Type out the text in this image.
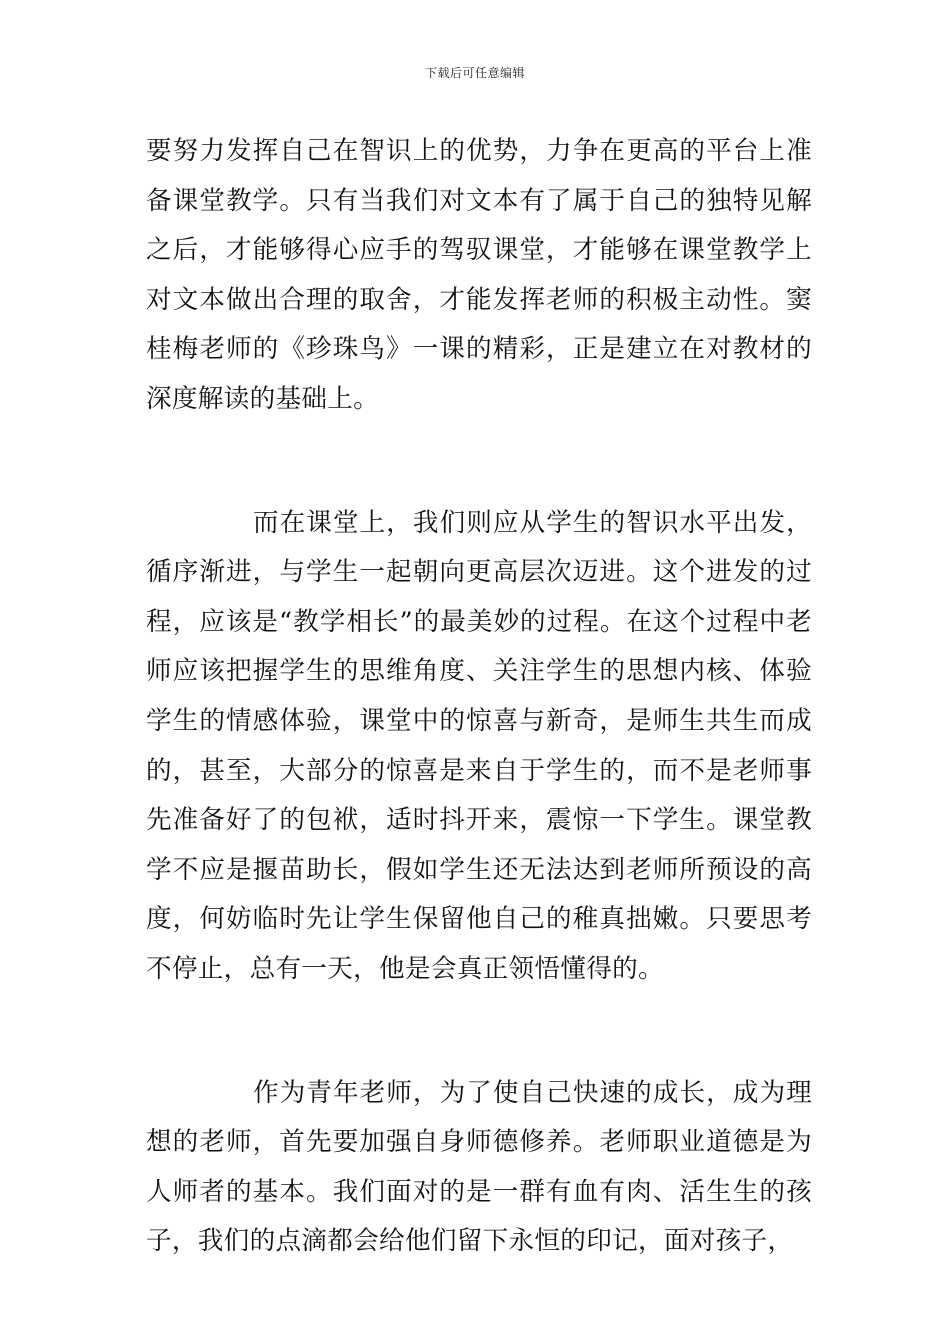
下载后可任意编辑

要努力发挥自己在智识上的优势，力争在更高的平台上准备课堂教学。只有当我们对文本有了属于自己的独特见解之后，才能够得心应手的驾驭课堂，才能够在课堂教学上对文本做出合理的取舍，才能发挥老师的积极主动性。窦桂梅老师的《珍珠鸟》一课的精彩，正是建立在对教材的深度解读的基础上。

而在课堂上，我们则应从学生的智识水平出发，循序渐进，与学生一起朝向更高层次迈进。这个进发的过程，应该是“教学相长”的最美妙的过程。在这个过程中老师应该把握学生的思维角度、关注学生的思想内核、体验学生的情感体验，课堂中的惊喜与新奇，是师生共生而成的，甚至，大部分的惊喜是来自于学生的，而不是老师事先准备好了的包袱，适时抖开来，震惊一下学生。课堂教学不应是揠苗助长，假如学生还无法达到老师所预设的高度，何妨临时先让学生保留他自己的稚真拙嫩。只要思考不停止，总有一天，他是会真正领悟懂得的。

作为青年老师，为了使自己快速的成长，成为理想的老师，首先要加强自身师德修养。老师职业道德是为人师者的基本。我们面对的是一群有血有肉、活生生的孩子，我们的点滴都会给他们留下永恒的印记，面对孩子，
